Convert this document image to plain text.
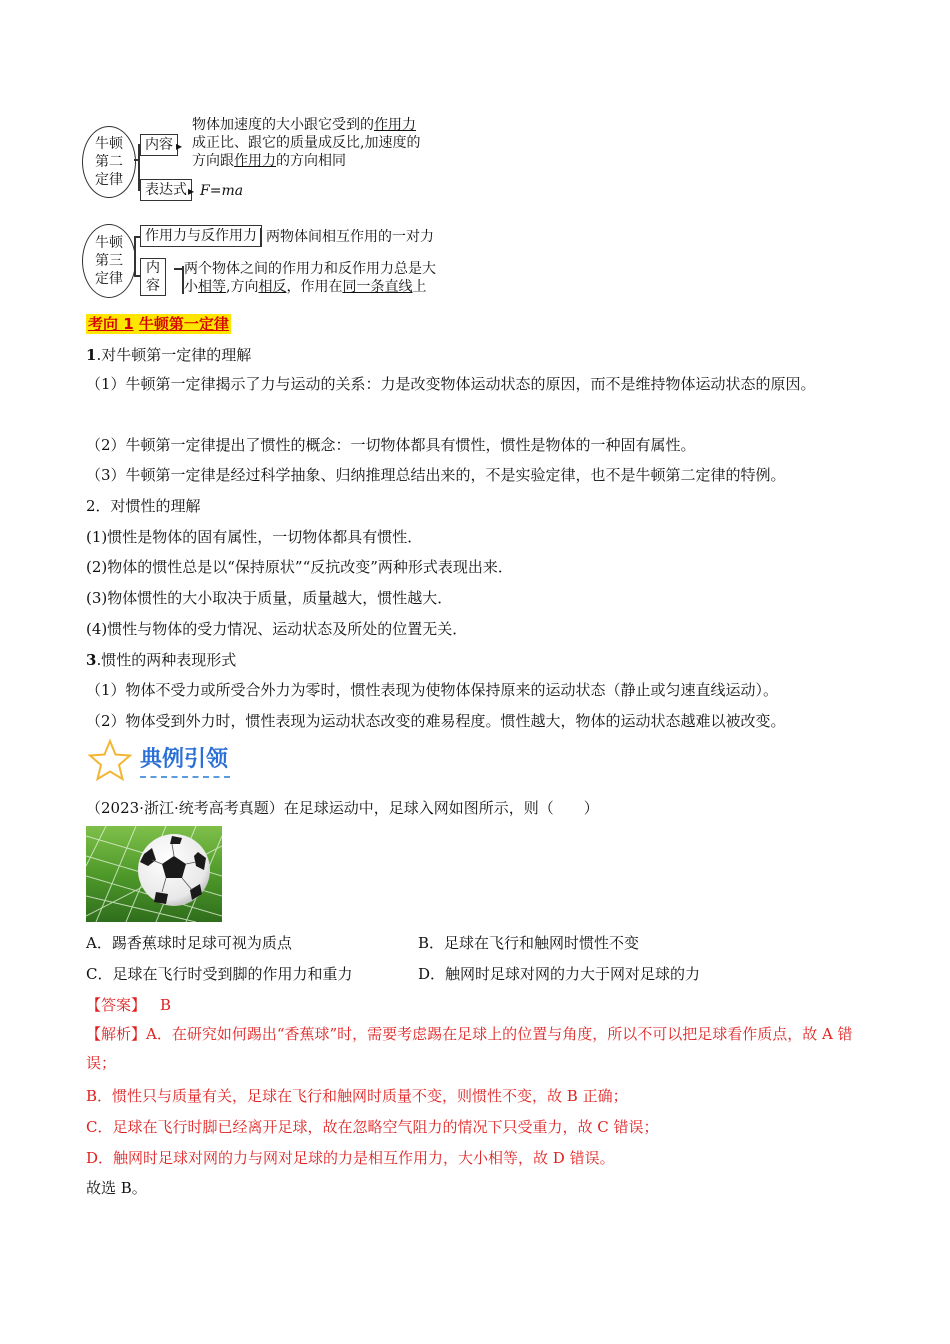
牛顿
第二
定律
内容 ▸
物体加速度的大小跟它受到的作用力
成正比、跟它的质量成反比,加速度的
方向跟作用力的方向相同
表达式 ▸ F=ma
牛顿
第三
定律
作用力与反作用力 两物体间相互作用的一对力
内
容
两个物体之间的作用力和反作用力总是大
小相等,方向相反，作用在同一条直线上
考向 1 牛顿第一定律
1.对牛顿第一定律的理解
（1）牛顿第一定律揭示了力与运动的关系：力是改变物体运动状态的原因，而不是维持物体运动状态的原因。
（2）牛顿第一定律提出了惯性的概念：一切物体都具有惯性，惯性是物体的一种固有属性。
（3）牛顿第一定律是经过科学抽象、归纳推理总结出来的，不是实验定律，也不是牛顿第二定律的特例。
2．对惯性的理解
(1)惯性是物体的固有属性，一切物体都具有惯性．
(2)物体的惯性总是以“保持原状”“反抗改变”两种形式表现出来．
(3)物体惯性的大小取决于质量，质量越大，惯性越大．
(4)惯性与物体的受力情况、运动状态及所处的位置无关．
3.惯性的两种表现形式
（1）物体不受力或所受合外力为零时，惯性表现为使物体保持原来的运动状态（静止或匀速直线运动）。
（2）物体受到外力时，惯性表现为运动状态改变的难易程度。惯性越大，物体的运动状态越难以被改变。
典例引领
（2023·浙江·统考高考真题）在足球运动中，足球入网如图所示，则（　　）
A．踢香蕉球时足球可视为质点	B．足球在飞行和触网时惯性不变
C．足球在飞行时受到脚的作用力和重力	D．触网时足球对网的力大于网对足球的力
【答案】 B
【解析】A．在研究如何踢出“香蕉球”时，需要考虑踢在足球上的位置与角度，所以不可以把足球看作质点，故 A 错误；
B．惯性只与质量有关，足球在飞行和触网时质量不变，则惯性不变，故 B 正确；
C．足球在飞行时脚已经离开足球，故在忽略空气阻力的情况下只受重力，故 C 错误；
D．触网时足球对网的力与网对足球的力是相互作用力，大小相等，故 D 错误。
故选 B。
